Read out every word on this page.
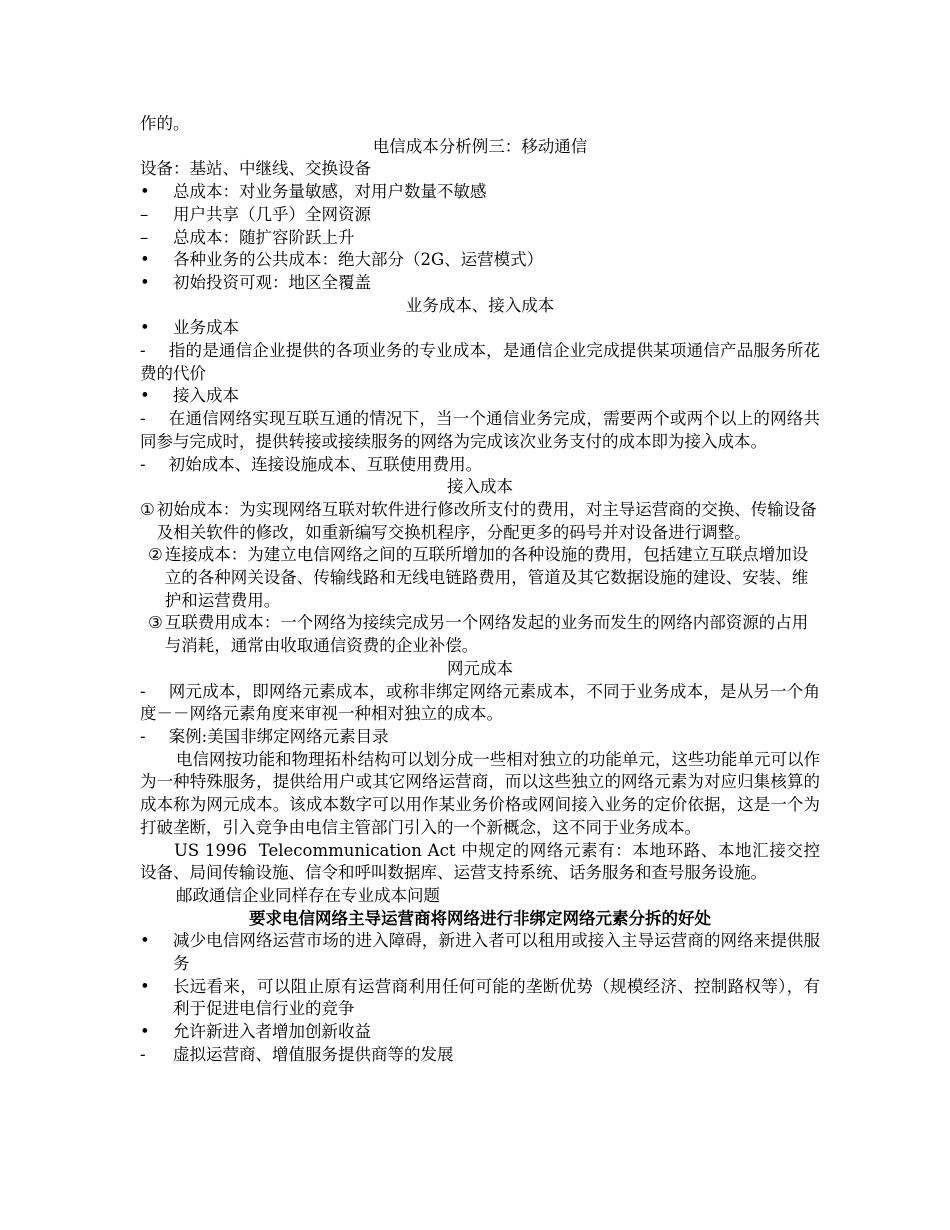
作的。

电信成本分析例三：移动通信

设备：基站、中继线、交换设备

•	总成本：对业务量敏感，对用户数量不敏感
–	用户共享（几乎）全网资源
–	总成本：随扩容阶跃上升
•	各种业务的公共成本：绝大部分（2G、运营模式）
•	初始投资可观：地区全覆盖

业务成本、接入成本

•	业务成本

- 指的是通信企业提供的各项业务的专业成本，是通信企业完成提供某项通信产品服务所花费的代价

•	接入成本

- 在通信网络实现互联互通的情况下，当一个通信业务完成，需要两个或两个以上的网络共同参与完成时，提供转接或接续服务的网络为完成该次业务支付的成本即为接入成本。

- 初始成本、连接设施成本、互联使用费用。

接入成本

① 初始成本：为实现网络互联对软件进行修改所支付的费用，对主导运营商的交换、传输设备及相关软件的修改，如重新编写交换机程序，分配更多的码号并对设备进行调整。
② 连接成本：为建立电信网络之间的互联所增加的各种设施的费用，包括建立互联点增加设立的各种网关设备、传输线路和无线电链路费用，管道及其它数据设施的建设、安装、维护和运营费用。
③ 互联费用成本：一个网络为接续完成另一个网络发起的业务而发生的网络内部资源的占用与消耗，通常由收取通信资费的企业补偿。

网元成本

- 网元成本，即网络元素成本，或称非绑定网络元素成本，不同于业务成本，是从另一个角度－－网络元素角度来审视一种相对独立的成本。

- 案例:美国非绑定网络元素目录

电信网按功能和物理拓朴结构可以划分成一些相对独立的功能单元，这些功能单元可以作为一种特殊服务，提供给用户或其它网络运营商，而以这些独立的网络元素为对应归集核算的成本称为网元成本。该成本数字可以用作某业务价格或网间接入业务的定价依据，这是一个为打破垄断，引入竞争由电信主管部门引入的一个新概念，这不同于业务成本。

US 1996  Telecommunication Act 中规定的网络元素有：本地环路、本地汇接交控设备、局间传输设施、信令和呼叫数据库、运营支持系统、话务服务和查号服务设施。

邮政通信企业同样存在专业成本问题

要求电信网络主导运营商将网络进行非绑定网络元素分拆的好处

•	减少电信网络运营市场的进入障碍，新进入者可以租用或接入主导运营商的网络来提供服务
•	长远看来，可以阻止原有运营商利用任何可能的垄断优势（规模经济、控制路权等），有利于促进电信行业的竞争
•	允许新进入者增加创新收益
-	虚拟运营商、增值服务提供商等的发展
